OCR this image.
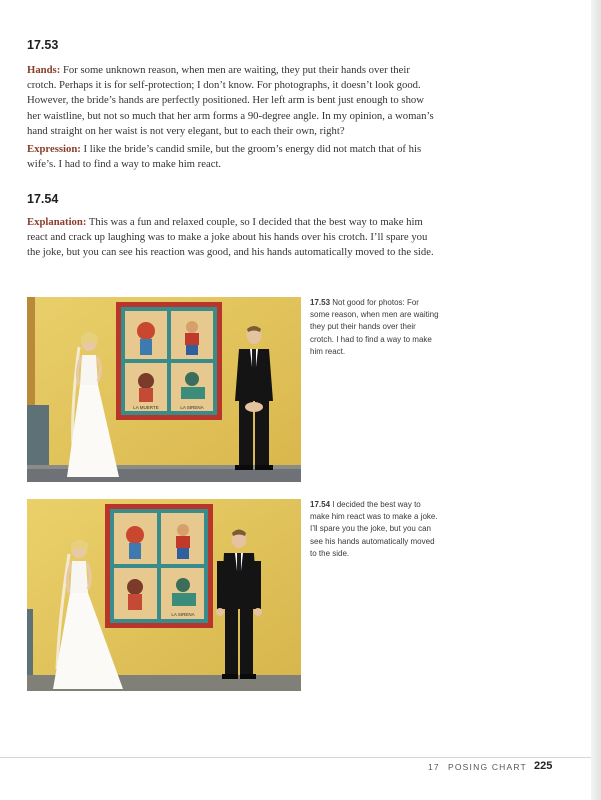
17.53

Hands: For some unknown reason, when men are waiting, they put their hands over their crotch. Perhaps it is for self-protection; I don’t know. For photographs, it doesn’t look good. However, the bride’s hands are perfectly positioned. Her left arm is bent just enough to show her waistline, but not so much that her arm forms a 90-degree angle. In my opinion, a woman’s hand straight on her waist is not very elegant, but to each their own, right?

Expression: I like the bride’s candid smile, but the groom’s energy did not match that of his wife’s. I had to find a way to make him react.

17.54

Explanation: This was a fun and relaxed couple, so I decided that the best way to make him react and crack up laughing was to make a joke about his hands over his crotch. I’ll spare you the joke, but you can see his reaction was good, and his hands automatically moved to the side.

LA MUERTE	LA SIRENA
17.53 Not good for photos: For some reason, when men are waiting they put their hands over their crotch. I had to find a way to make him react.
LA SIRENA
17.54 I decided the best way to make him react was to make a joke. I’ll spare you the joke, but you can see his hands automatically moved to the side.
17 POSING CHART 225
